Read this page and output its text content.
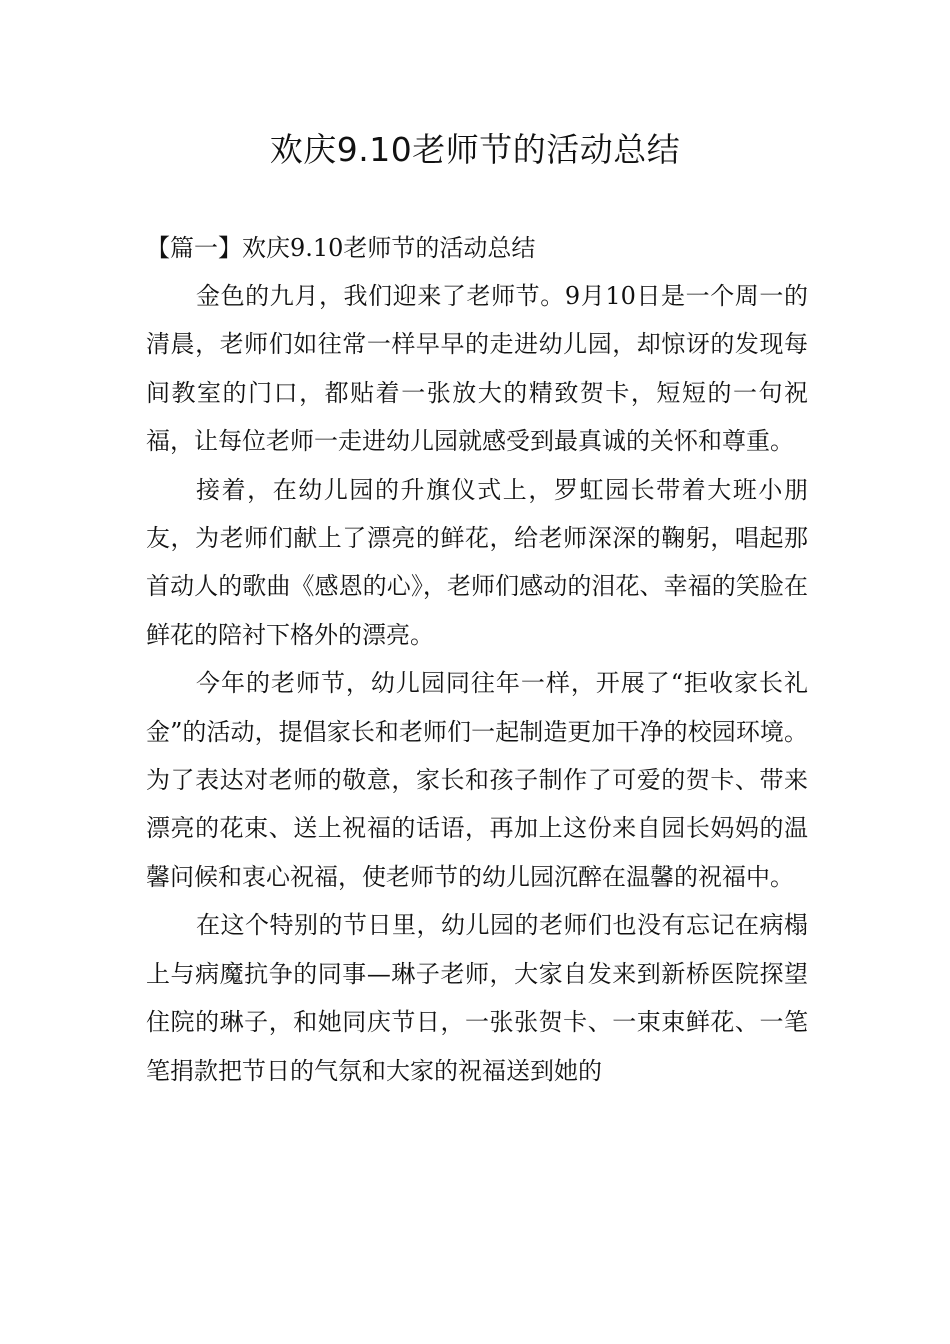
欢庆9.10老师节的活动总结

【篇一】欢庆9.10老师节的活动总结

金色的九月，我们迎来了老师节。9月10日是一个周一的清晨，老师们如往常一样早早的走进幼儿园，却惊讶的发现每间教室的门口，都贴着一张放大的精致贺卡，短短的一句祝福，让每位老师一走进幼儿园就感受到最真诚的关怀和尊重。

接着，在幼儿园的升旗仪式上，罗虹园长带着大班小朋友，为老师们献上了漂亮的鲜花，给老师深深的鞠躬，唱起那首动人的歌曲《感恩的心》，老师们感动的泪花、幸福的笑脸在鲜花的陪衬下格外的漂亮。

今年的老师节，幼儿园同往年一样，开展了“拒收家长礼金”的活动，提倡家长和老师们一起制造更加干净的校园环境。为了表达对老师的敬意，家长和孩子制作了可爱的贺卡、带来漂亮的花束、送上祝福的话语，再加上这份来自园长妈妈的温馨问候和衷心祝福，使老师节的幼儿园沉醉在温馨的祝福中。

在这个特别的节日里，幼儿园的老师们也没有忘记在病榻上与病魔抗争的同事—琳子老师，大家自发来到新桥医院探望住院的琳子，和她同庆节日，一张张贺卡、一束束鲜花、一笔笔捐款把节日的气氛和大家的祝福送到她的
